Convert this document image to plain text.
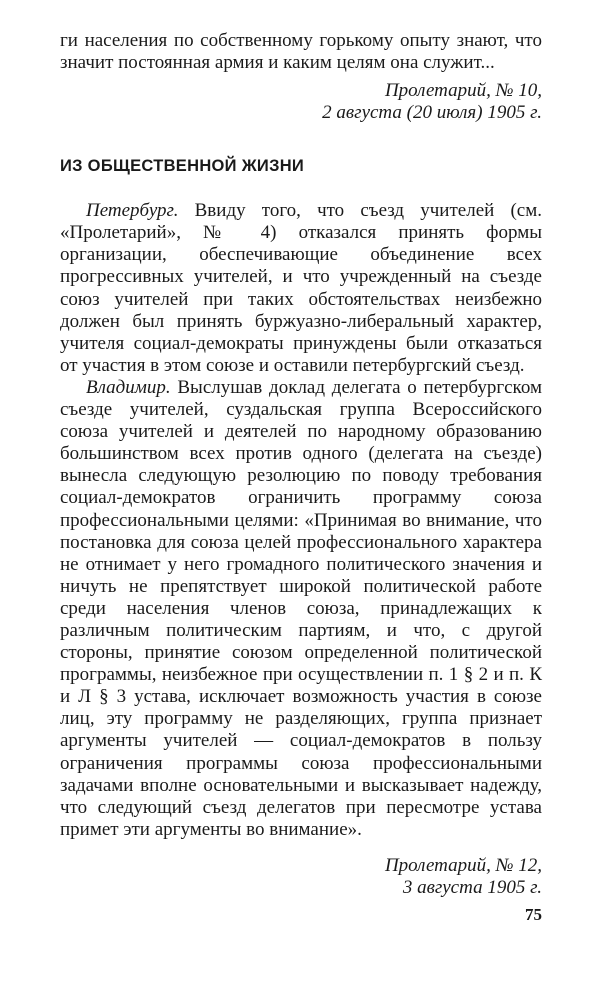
ги населения по собственному горькому опыту знают, что значит постоянная армия и каким целям она служит...

Пролетарий, № 10,
2 августа (20 июля) 1905 г.
ИЗ ОБЩЕСТВЕННОЙ ЖИЗНИ

Петербург. Ввиду того, что съезд учителей (см. «Пролетарий», № 4) отказался принять формы организации, обеспечивающие объединение всех прогрессивных учителей, и что учрежденный на съезде союз учителей при таких обстоятельствах неизбежно должен был принять буржуазно-либеральный характер, учителя социал-демократы принуждены были отказаться от участия в этом союзе и оставили петербургский съезд.

Владимир. Выслушав доклад делегата о петербургском съезде учителей, суздальская группа Всероссийского союза учителей и деятелей по народному образованию большинством всех против одного (делегата на съезде) вынесла следующую резолюцию по поводу требования социал-демократов ограничить программу союза профессиональными целями: «Принимая во внимание, что постановка для союза целей профессионального характера не отнимает у него громадного политического значения и ничуть не препятствует широкой политической работе среди населения членов союза, принадлежащих к различным политическим партиям, и что, с другой стороны, принятие союзом определенной политической программы, неизбежное при осуществлении п. 1 § 2 и п. К и Л § 3 устава, исключает возможность участия в союзе лиц, эту программу не разделяющих, группа признает аргументы учителей — социал-демократов в пользу ограничения программы союза профессиональными задачами вполне основательными и высказывает надежду, что следующий съезд делегатов при пересмотре устава примет эти аргументы во внимание».

Пролетарий, № 12,
3 августа 1905 г.
75
